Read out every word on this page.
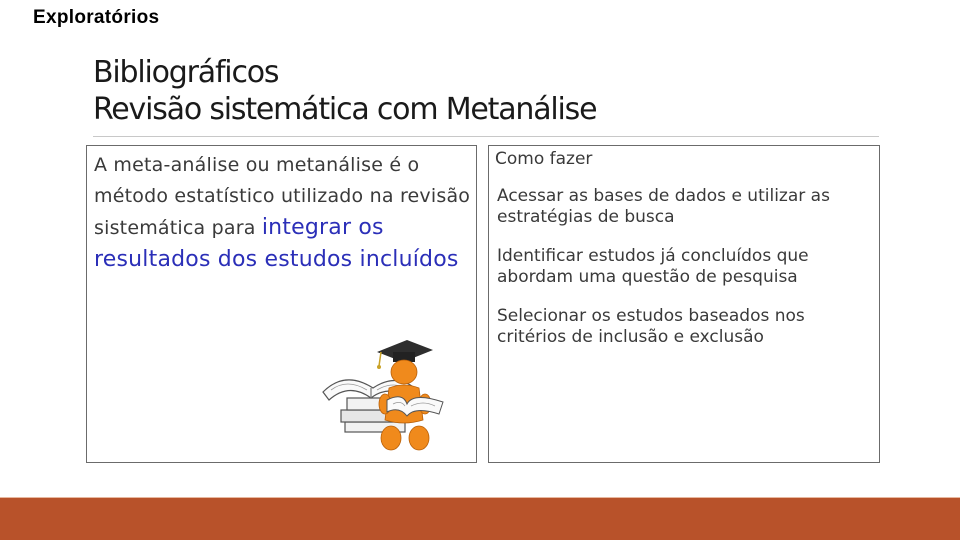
Exploratórios
Bibliográficos
Revisão sistemática com Metanálise
A meta-análise ou metanálise é o método estatístico utilizado na revisão sistemática para integrar os resultados dos estudos incluídos
Como fazer
Acessar as bases de dados e utilizar as estratégias de busca
Identificar estudos já concluídos que abordam uma questão de pesquisa
Selecionar os estudos baseados nos critérios de inclusão e exclusão
